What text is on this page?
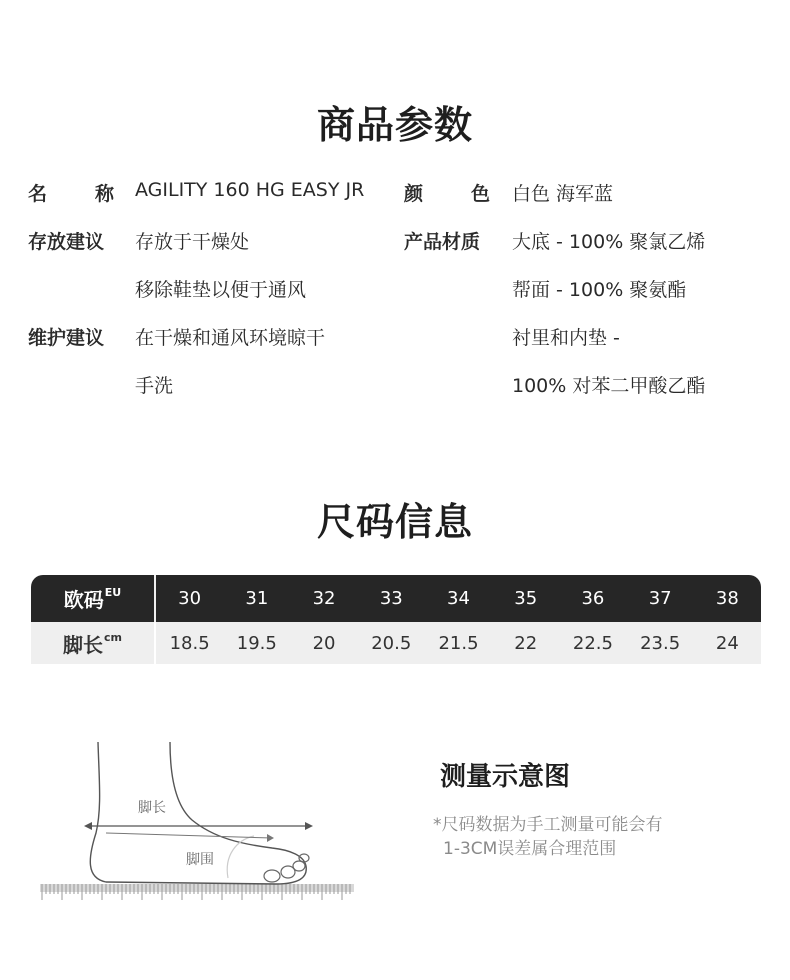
商品参数
名	称 AGILITY 160 HG EASY JR
存放建议 存放于干燥处
移除鞋垫以便于通风
维护建议 在干燥和通风环境晾干
手洗
颜	色 白色 海军蓝
产品材质 大底 - 100% 聚氯乙烯
帮面 - 100% 聚氨酯
衬里和内垫 -
100% 对苯二甲酸乙酯
尺码信息
欧码$^{EU}$	30	31	32	33	34	35	36	37	38
脚长$^{cm}$	18.5	19.5	20	20.5	21.5	22	22.5	23.5	24
脚长
脚围
测量示意图
*尺码数据为手工测量可能会有
1-3CM误差属合理范围
